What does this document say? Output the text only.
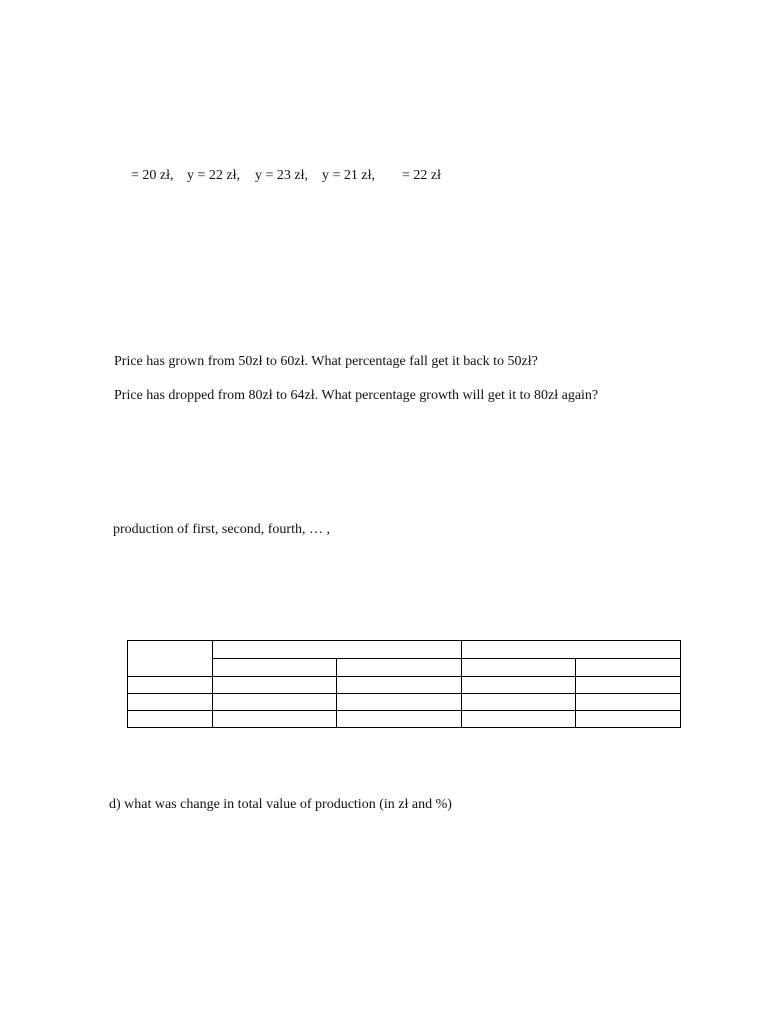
= 20 zł, y = 22 zł, y = 23 zł, y = 21 zł, = 22 zł

Price has grown from 50zł to 60zł. What percentage fall get it back to 50zł?
Price has dropped from 80zł to 64zł. What percentage growth will get it to 80zł again?
production of first, second, fourth, … ,

d) what was change in total value of production (in zł and %)
